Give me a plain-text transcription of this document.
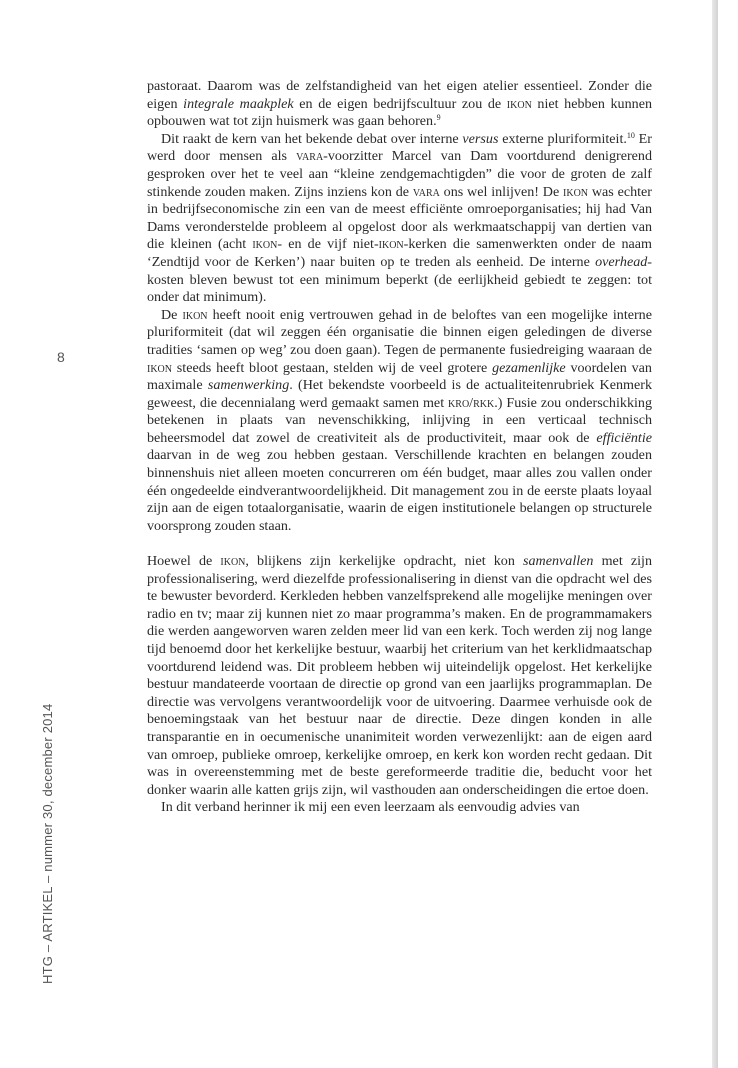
8
HTG – ARTIKEL – nummer 30, december 2014

pastoraat. Daarom was de zelfstandigheid van het eigen atelier essentieel. Zonder die eigen integrale maakplek en de eigen bedrijfscultuur zou de ikon niet hebben kunnen opbouwen wat tot zijn huismerk was gaan behoren.$^9$

Dit raakt de kern van het bekende debat over interne versus externe pluriformiteit.$^{10}$ Er werd door mensen als vara-voorzitter Marcel van Dam voortdurend denigrerend gesproken over het te veel aan “kleine zendgemachtigden” die voor de groten de zalf stinkende zouden maken. Zijns inziens kon de vara ons wel inlijven! De ikon was echter in bedrijfseconomische zin een van de meest efficiënte omroeporganisaties; hij had Van Dams veronderstelde probleem al opgelost door als werkmaatschappij van dertien van die kleinen (acht ikon- en de vijf niet-ikon-kerken die samenwerkten onder de naam ‘Zendtijd voor de Kerken’) naar buiten op te treden als eenheid. De interne overhead-kosten bleven bewust tot een minimum beperkt (de eerlijkheid gebiedt te zeggen: tot onder dat minimum).

De ikon heeft nooit enig vertrouwen gehad in de beloftes van een mogelijke interne pluriformiteit (dat wil zeggen één organisatie die binnen eigen geledingen de diverse tradities ‘samen op weg’ zou doen gaan). Tegen de permanente fusiedreiging waaraan de ikon steeds heeft bloot gestaan, stelden wij de veel grotere gezamenlijke voordelen van maximale samenwerking. (Het bekendste voorbeeld is de actualiteitenrubriek Kenmerk geweest, die decennialang werd gemaakt samen met kro/rkk.) Fusie zou onderschikking betekenen in plaats van nevenschikking, inlijving in een verticaal technisch beheersmodel dat zowel de creativiteit als de productiviteit, maar ook de efficiëntie daarvan in de weg zou hebben gestaan. Verschillende krachten en belangen zouden binnenshuis niet alleen moeten concurreren om één budget, maar alles zou vallen onder één ongedeelde eindverantwoordelijkheid. Dit management zou in de eerste plaats loyaal zijn aan de eigen totaalorganisatie, waarin de eigen institutionele belangen op structurele voorsprong zouden staan.

Hoewel de ikon, blijkens zijn kerkelijke opdracht, niet kon samenvallen met zijn professionalisering, werd diezelfde professionalisering in dienst van die opdracht wel des te bewuster bevorderd. Kerkleden hebben vanzelfsprekend alle mogelijke meningen over radio en tv; maar zij kunnen niet zo maar programma’s maken. En de programmamakers die werden aangeworven waren zelden meer lid van een kerk. Toch werden zij nog lange tijd benoemd door het kerkelijke bestuur, waarbij het criterium van het kerklidmaatschap voortdurend leidend was. Dit probleem hebben wij uiteindelijk opgelost. Het kerkelijke bestuur mandateerde voortaan de directie op grond van een jaarlijks programmaplan. De directie was vervolgens verantwoordelijk voor de uitvoering. Daarmee verhuisde ook de benoemingstaak van het bestuur naar de directie. Deze dingen konden in alle transparantie en in oecumenische unanimiteit worden verwezenlijkt: aan de eigen aard van omroep, publieke omroep, kerkelijke omroep, en kerk kon worden recht gedaan. Dit was in overeenstemming met de beste gereformeerde traditie die, beducht voor het donker waarin alle katten grijs zijn, wil vasthouden aan onderscheidingen die ertoe doen.

In dit verband herinner ik mij een even leerzaam als eenvoudig advies van
